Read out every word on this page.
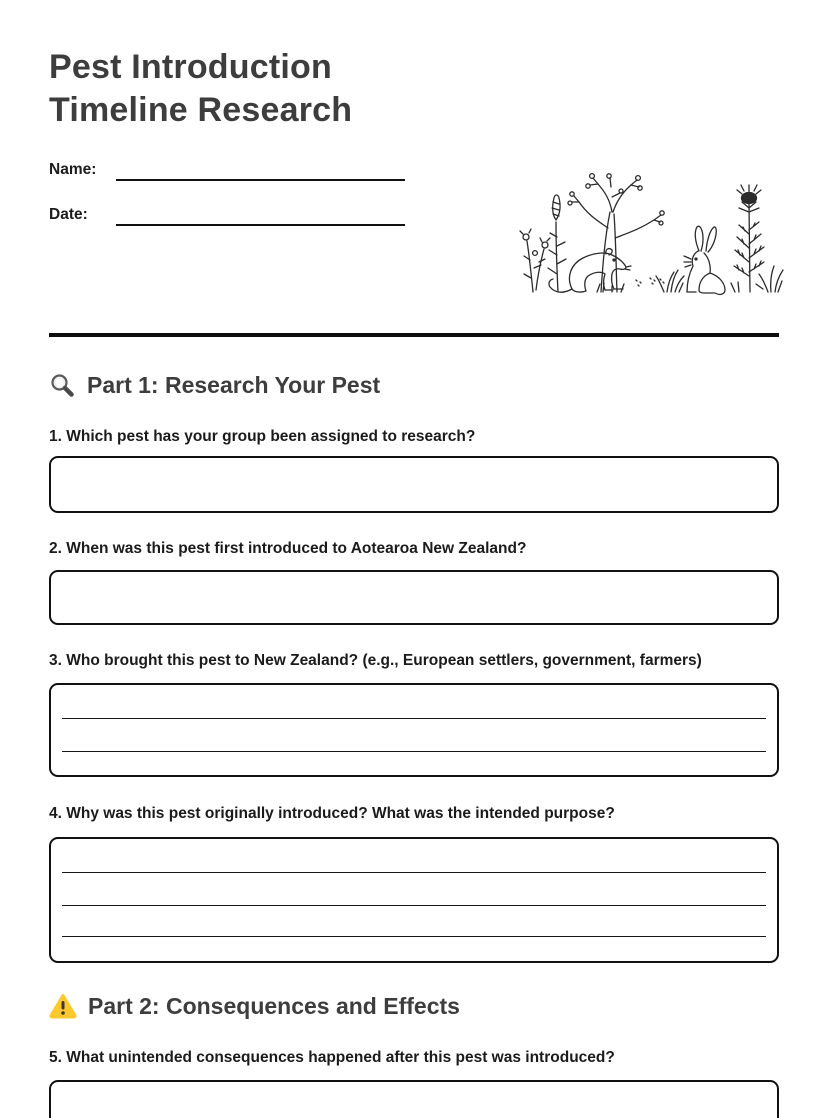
Pest Introduction
Timeline Research
Name:
Date:
Part 1: Research Your Pest
1. Which pest has your group been assigned to research?
2. When was this pest first introduced to Aotearoa New Zealand?
3. Who brought this pest to New Zealand? (e.g., European settlers, government, farmers)
4. Why was this pest originally introduced? What was the intended purpose?
Part 2: Consequences and Effects
5. What unintended consequences happened after this pest was introduced?
